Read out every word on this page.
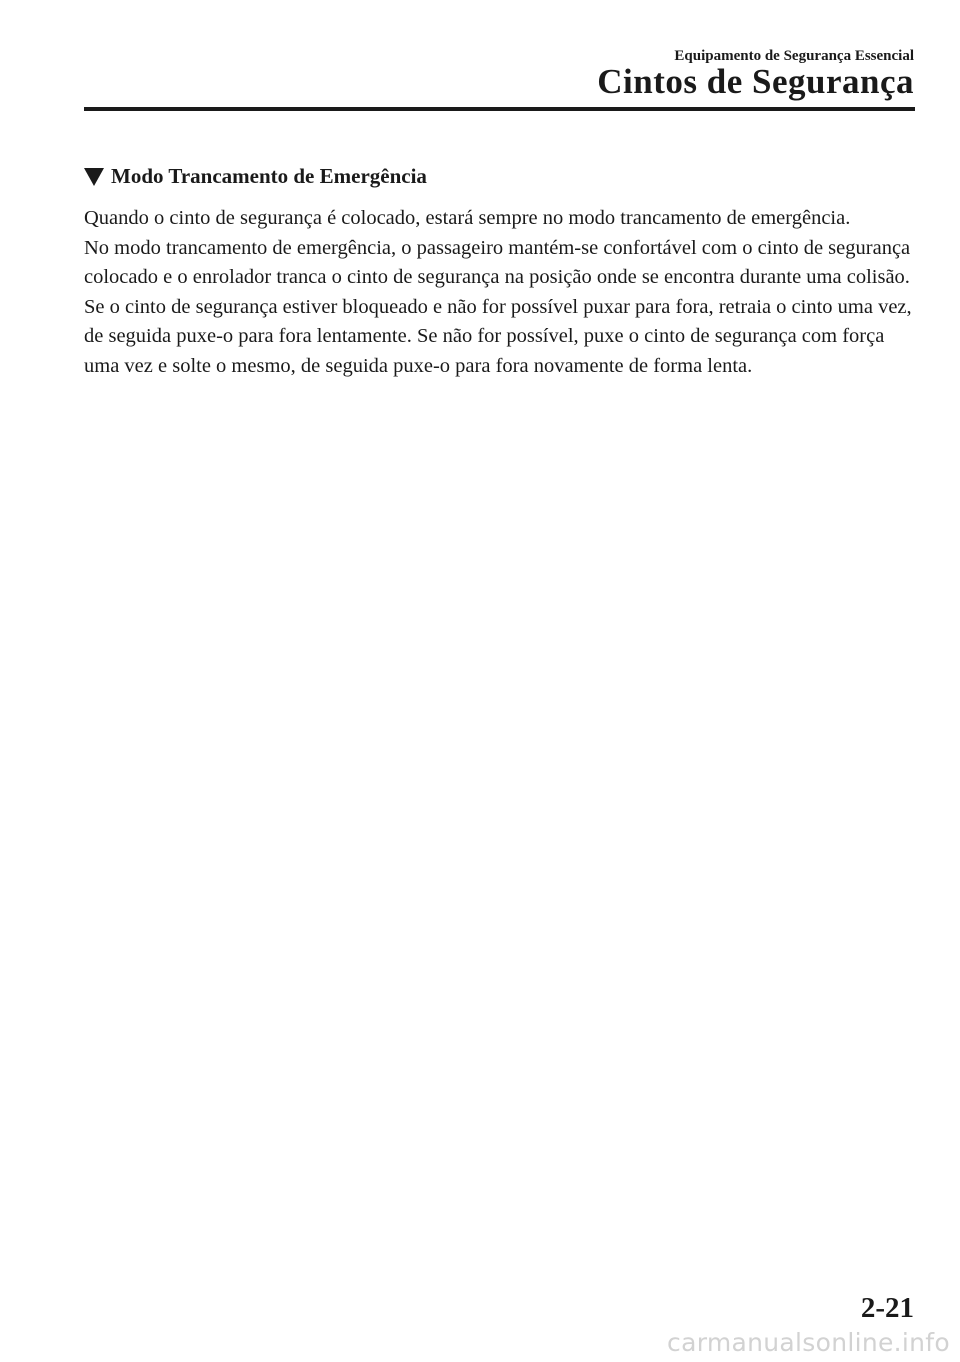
Equipamento de Segurança Essencial
Cintos de Segurança
Modo Trancamento de Emergência

Quando o cinto de segurança é colocado, estará sempre no modo trancamento de emergência.

No modo trancamento de emergência, o passageiro mantém-se confortável com o cinto de segurança colocado e o enrolador tranca o cinto de segurança na posição onde se encontra durante uma colisão.

Se o cinto de segurança estiver bloqueado e não for possível puxar para fora, retraia o cinto uma vez, de seguida puxe-o para fora lentamente. Se não for possível, puxe o cinto de segurança com força uma vez e solte o mesmo, de seguida puxe-o para fora novamente de forma lenta.

2-21
carmanualsonline.info
